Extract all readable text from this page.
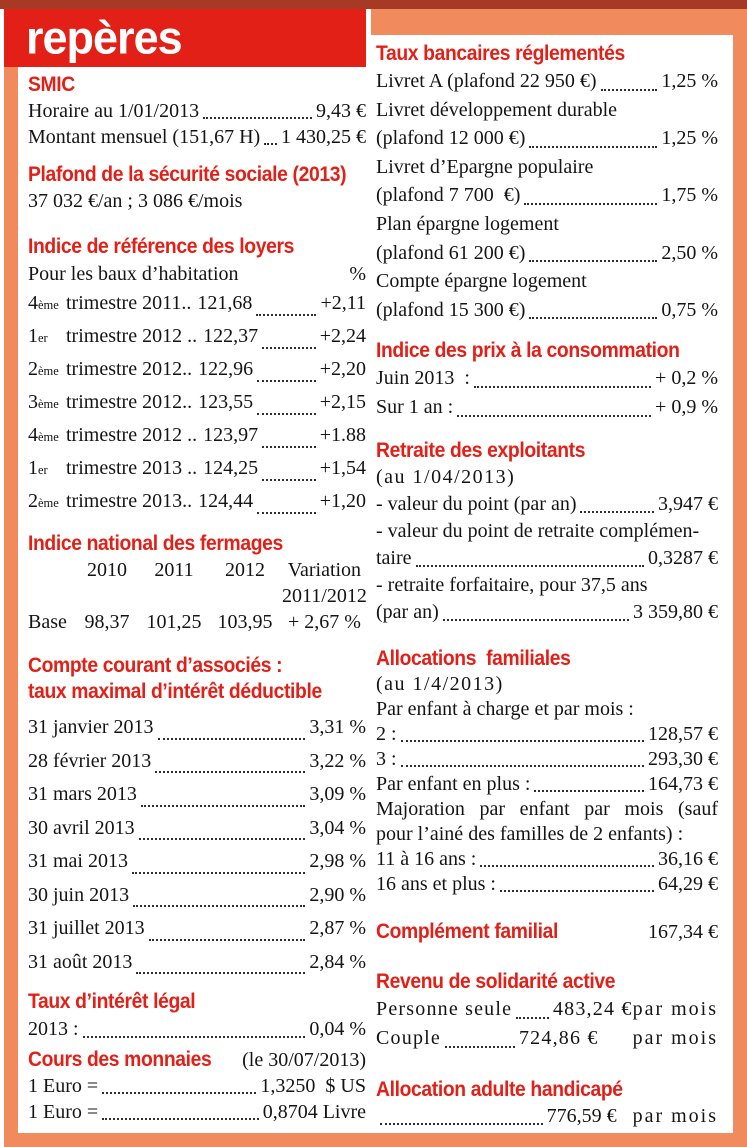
repères
SMIC
Horaire au 1/01/2013	9,43 €
Montant mensuel (151,67 H) 1 430,25 €
Plafond de la sécurité sociale (2013)
37 032 €/an ; 3 086 €/mois
Indice de référence des loyers
Pour les baux d’habitation	%
4 ème trimestre 2011.. 121,68	+2,11
1 er trimestre 2012 .. 122,37	+2,24
2 ème trimestre 2012.. 122,96	+2,20
3 ème trimestre 2012.. 123,55	+2,15
4 ème trimestre 2012 .. 123,97	+1.88
1 er trimestre 2013 .. 124,25	+1,54
2 ème trimestre 2013.. 124,44	+1,20
Indice national des fermages
2010	2011	2012	Variation
2011/2012
Base 98,37 101,25 103,95 + 2,67 %
Compte courant d’associés :
taux maximal d’intérêt déductible
31 janvier 2013	3,31 %
28 février 2013	3,22 %
31 mars 2013	3,09 %
30 avril 2013	3,04 %
31 mai 2013	2,98 %
30 juin 2013	2,90 %
31 juillet 2013	2,87 %
31 août 2013	2,84 %
Taux d’intérêt légal
2013 :	0,04 %
Cours des monnaies (le 30/07/2013)
1 Euro =	1,3250  $ US
1 Euro =	0,8704 Livre
Taux bancaires réglementés
Livret A (plafond 22 950 €)	1,25 %
Livret développement durable
(plafond 12 000 €)	1,25 %
Livret d’Epargne populaire
(plafond 7 700  €)	1,75 %
Plan épargne logement
(plafond 61 200 €)	2,50 %
Compte épargne logement
(plafond 15 300 €)	0,75 %
Indice des prix à la consommation
Juin 2013  :	+ 0,2 %
Sur 1 an :	+ 0,9 %
Retraite des exploitants
(au 1/04/2013)
- valeur du point (par an)	3,947 €
- valeur du point de retraite complémen-
taire	0,3287 €
- retraite forfaitaire, pour 37,5 ans
(par an)	3 359,80 €
Allocations  familiales
(au 1/4/2013)
Par enfant à charge et par mois :
2 :	128,57 €
3 :	293,30 €
Par enfant en plus :	164,73 €
Majoration par enfant par mois (sauf
pour l’ainé des familles de 2 enfants) :
11 à 16 ans :	36,16 €
16 ans et plus :	64,29 €
Complément familial	167,34 €
Revenu de solidarité active
Personne seule 483,24 € par mois
Couple	724,86 € par mois
Allocation adulte handicapé
776,59 € par mois
